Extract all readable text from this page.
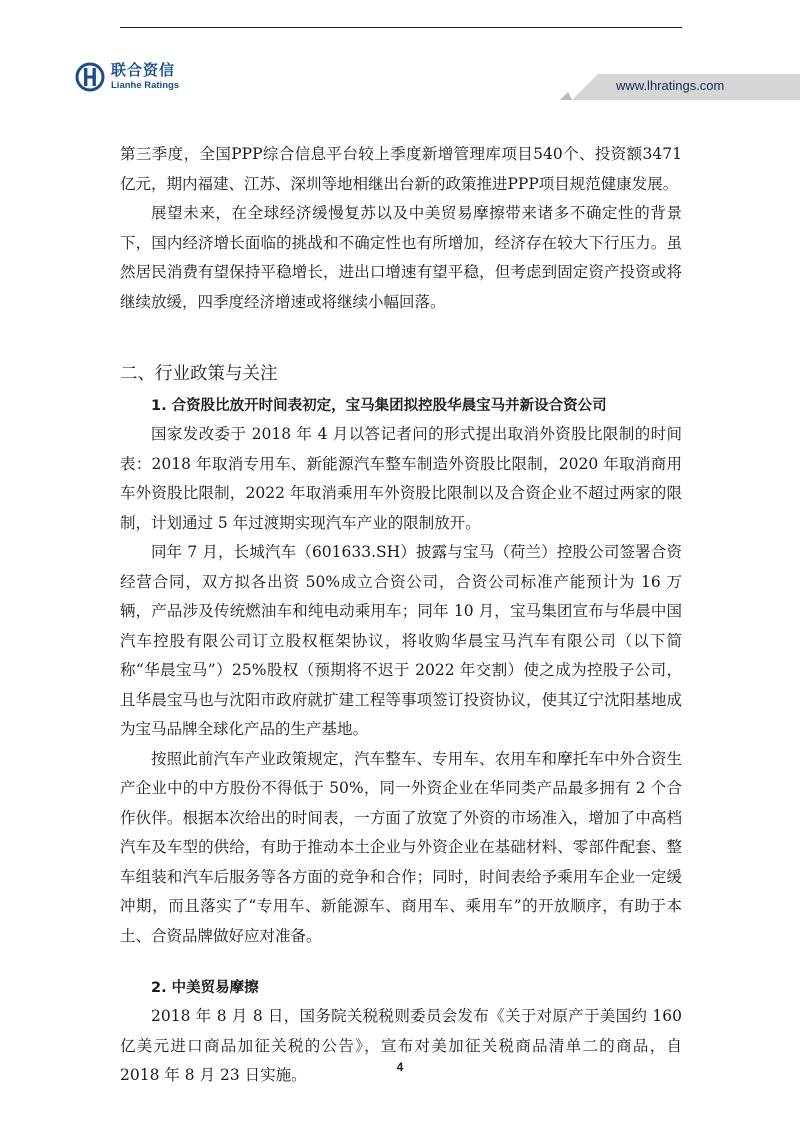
联合资信
Lianhe Ratings	www.lhratings.com

第三季度，全国PPP综合信息平台较上季度新增管理库项目540个、投资额3471亿元，期内福建、江苏、深圳等地相继出台新的政策推进PPP项目规范健康发展。

展望未来，在全球经济缓慢复苏以及中美贸易摩擦带来诸多不确定性的背景下，国内经济增长面临的挑战和不确定性也有所增加，经济存在较大下行压力。虽然居民消费有望保持平稳增长，进出口增速有望平稳，但考虑到固定资产投资或将继续放缓，四季度经济增速或将继续小幅回落。

二、行业政策与关注
1. 合资股比放开时间表初定，宝马集团拟控股华晨宝马并新设合资公司

国家发改委于 2018 年 4 月以答记者问的形式提出取消外资股比限制的时间表：2018 年取消专用车、新能源汽车整车制造外资股比限制，2020 年取消商用车外资股比限制，2022 年取消乘用车外资股比限制以及合资企业不超过两家的限制，计划通过 5 年过渡期实现汽车产业的限制放开。

同年 7 月，长城汽车（601633.SH）披露与宝马（荷兰）控股公司签署合资经营合同，双方拟各出资 50%成立合资公司，合资公司标准产能预计为 16 万辆，产品涉及传统燃油车和纯电动乘用车；同年 10 月，宝马集团宣布与华晨中国汽车控股有限公司订立股权框架协议，将收购华晨宝马汽车有限公司（以下简称“华晨宝马”）25%股权（预期将不迟于 2022 年交割）使之成为控股子公司，且华晨宝马也与沈阳市政府就扩建工程等事项签订投资协议，使其辽宁沈阳基地成为宝马品牌全球化产品的生产基地。

按照此前汽车产业政策规定，汽车整车、专用车、农用车和摩托车中外合资生产企业中的中方股份不得低于 50%，同一外资企业在华同类产品最多拥有 2 个合作伙伴。根据本次给出的时间表，一方面了放宽了外资的市场准入，增加了中高档汽车及车型的供给，有助于推动本土企业与外资企业在基础材料、零部件配套、整车组装和汽车后服务等各方面的竞争和合作；同时，时间表给予乘用车企业一定缓冲期，而且落实了“专用车、新能源车、商用车、乘用车”的开放顺序，有助于本土、合资品牌做好应对准备。

2. 中美贸易摩擦

2018 年 8 月 8 日，国务院关税税则委员会发布《关于对原产于美国约 160 亿美元进口商品加征关税的公告》，宣布对美加征关税商品清单二的商品，自 2018 年 8 月 23 日实施。	4
